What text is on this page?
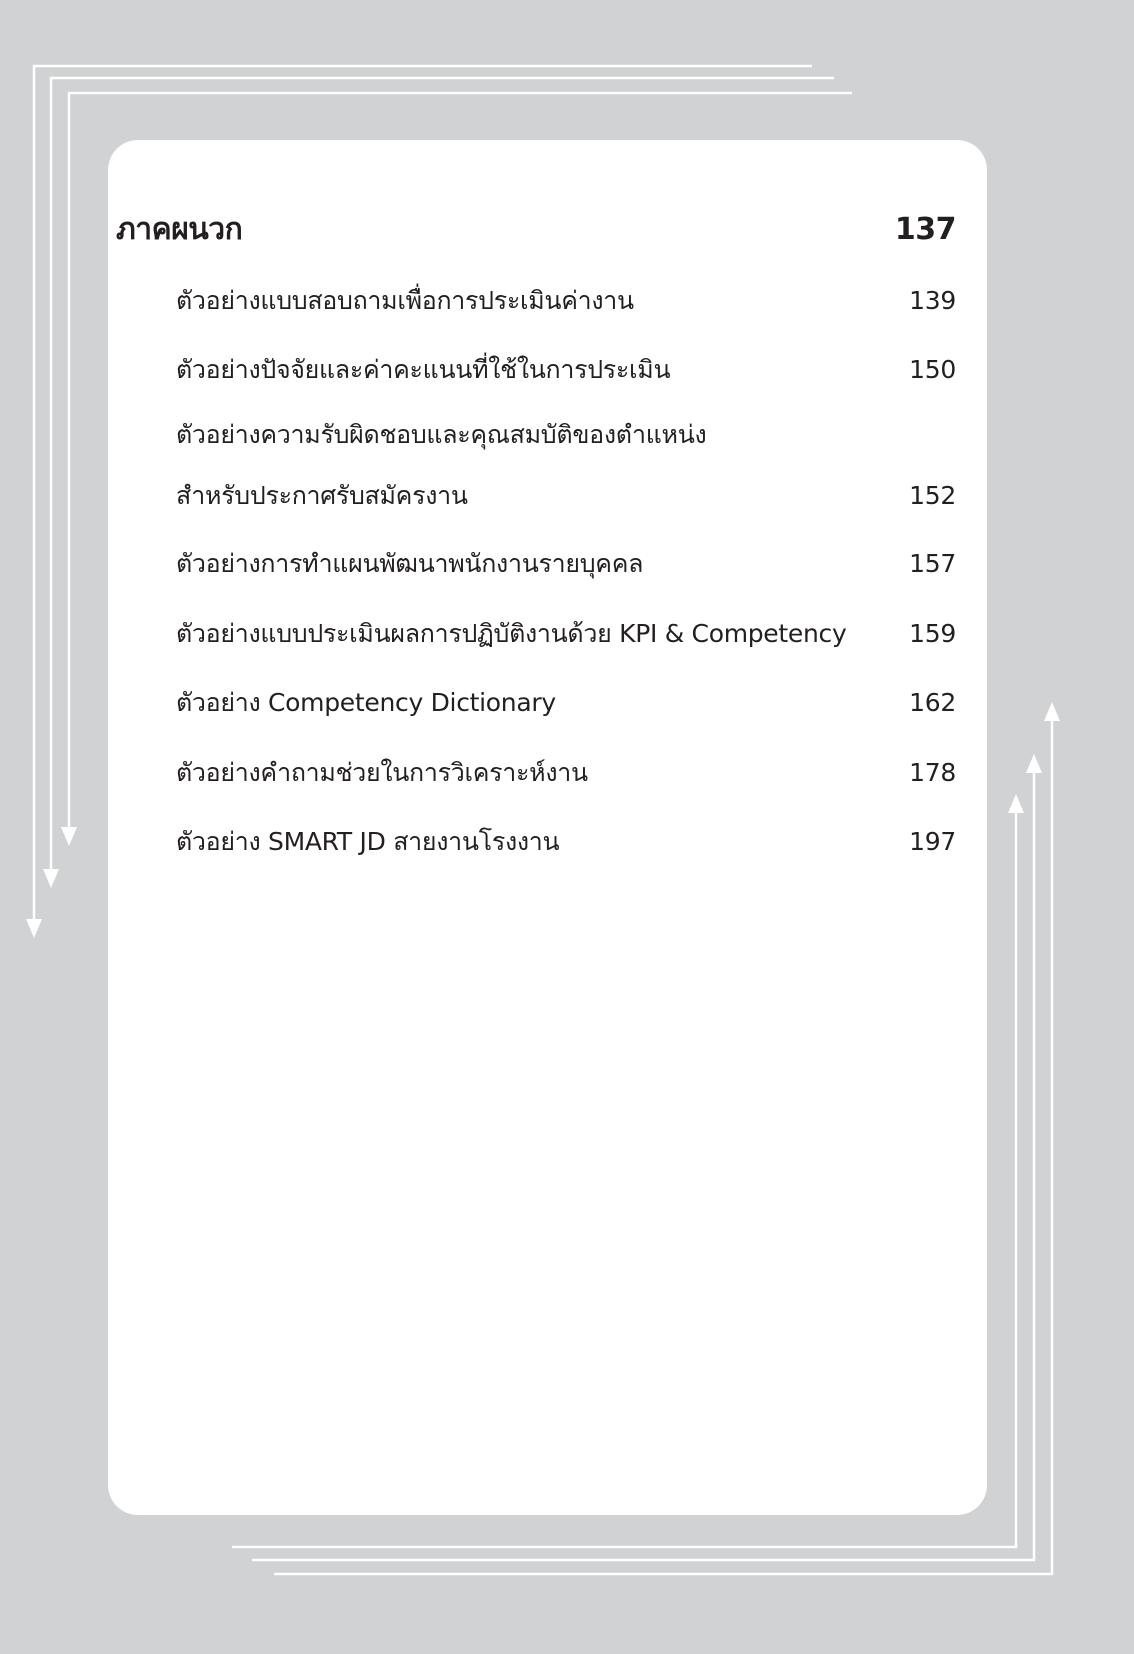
ภาคผนวก	137
ตัวอย่างแบบสอบถามเพื่อการประเมินค่างาน	139
ตัวอย่างปัจจัยและค่าคะแนนที่ใช้ในการประเมิน	150
ตัวอย่างความรับผิดชอบและคุณสมบัติของตำแหน่ง
สำหรับประกาศรับสมัครงาน	152
ตัวอย่างการทำแผนพัฒนาพนักงานรายบุคคล	157
ตัวอย่างแบบประเมินผลการปฏิบัติงานด้วย KPI & Competency	159
ตัวอย่าง Competency Dictionary	162
ตัวอย่างคำถามช่วยในการวิเคราะห์งาน	178
ตัวอย่าง SMART JD สายงานโรงงาน	197
